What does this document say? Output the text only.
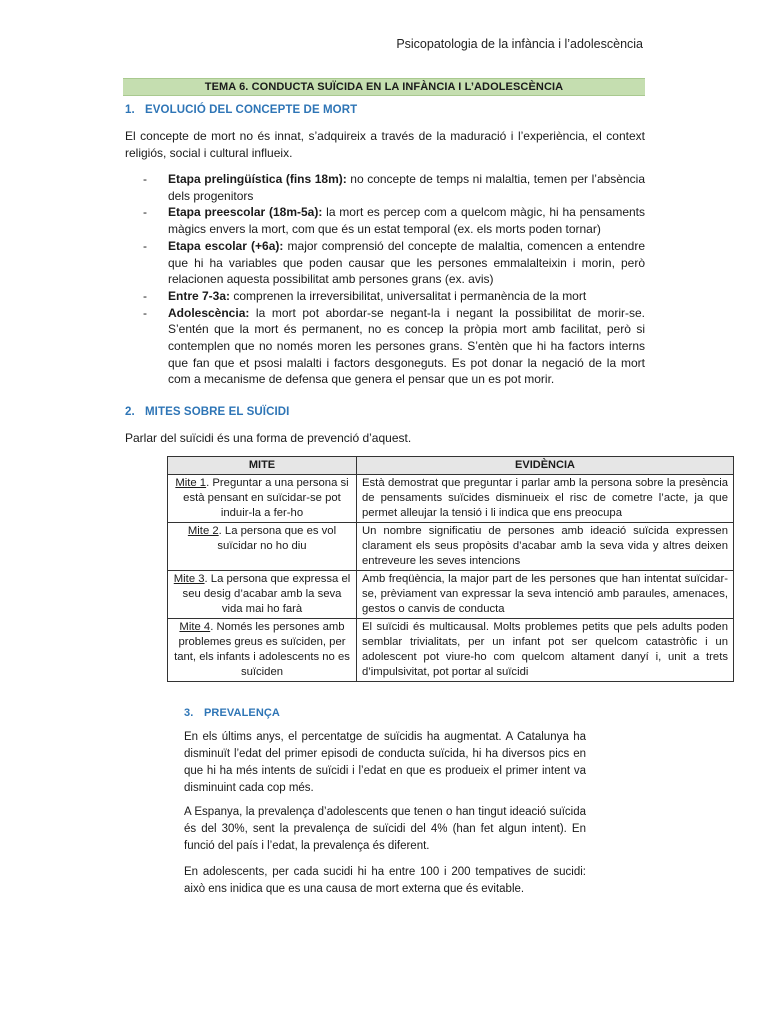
Psicopatologia de la infància i l’adolescència
TEMA 6. CONDUCTA SUÏCIDA EN LA INFÀNCIA I L’ADOLESCÈNCIA
1. EVOLUCIÓ DEL CONCEPTE DE MORT
El concepte de mort no és innat, s’adquireix a través de la maduració i l’experiència, el context religiós, social i cultural influeix.
- Etapa prelingüística (fins 18m): no concepte de temps ni malaltia, temen per l’absència dels progenitors
- Etapa preescolar (18m-5a): la mort es percep com a quelcom màgic, hi ha pensaments màgics envers la mort, com que és un estat temporal (ex. els morts poden tornar)
- Etapa escolar (+6a): major comprensió del concepte de malaltia, comencen a entendre que hi ha variables que poden causar que les persones emmalalteixin i morin, però relacionen aquesta possibilitat amb persones grans (ex. avis)
- Entre 7-3a: comprenen la irreversibilitat, universalitat i permanència de la mort
- Adolescència: la mort pot abordar-se negant-la i negant la possibilitat de morir-se. S’entén que la mort és permanent, no es concep la pròpia mort amb facilitat, però si contemplen que no només moren les persones grans. S’entèn que hi ha factors interns que fan que et psosi malalti i factors desgoneguts. Es pot donar la negació de la mort com a mecanisme de defensa que genera el pensar que un es pot morir.
2. MITES SOBRE EL SUÏCIDI
Parlar del suïcidi és una forma de prevenció d’aquest.
MITE	EVIDÈNCIA
Mite 1. Preguntar a una persona si està pensant en suïcidar-se pot induir-la a fer-ho	Està demostrat que preguntar i parlar amb la persona sobre la presència de pensaments suïcides disminueix el risc de cometre l’acte, ja que permet alleujar la tensió i li indica que ens preocupa
Mite 2. La persona que es vol suïcidar no ho diu	Un nombre significatiu de persones amb ideació suïcida expressen clarament els seus propòsits d’acabar amb la seva vida y altres deixen entreveure les seves intencions
Mite 3. La persona que expressa el seu desig d’acabar amb la seva vida mai ho farà	Amb freqüència, la major part de les persones que han intentat suïcidar-se, prèviament van expressar la seva intenció amb paraules, amenaces, gestos o canvis de conducta
Mite 4. Només les persones amb problemes greus es suïciden, per tant, els infants i adolescents no es suïciden	El suïcidi és multicausal. Molts problemes petits que pels adults poden semblar trivialitats, per un infant pot ser quelcom catastròfic i un adolescent pot viure-ho com quelcom altament danyí i, unit a trets d’impulsivitat, pot portar al suïcidi
3. PREVALENÇA
En els últims anys, el percentatge de suïcidis ha augmentat. A Catalunya ha disminuït l’edat del primer episodi de conducta suïcida, hi ha diversos pics en que hi ha més intents de suïcidi i l’edat en que es produeix el primer intent va disminuint cada cop més.
A Espanya, la prevalença d’adolescents que tenen o han tingut ideació suïcida és del 30%, sent la prevalença de suïcidi del 4% (han fet algun intent). En funció del país i l’edat, la prevalença és diferent.
En adolescents, per cada sucidi hi ha entre 100 i 200 tempatives de sucidi: això ens inidica que es una causa de mort externa que és evitable.
